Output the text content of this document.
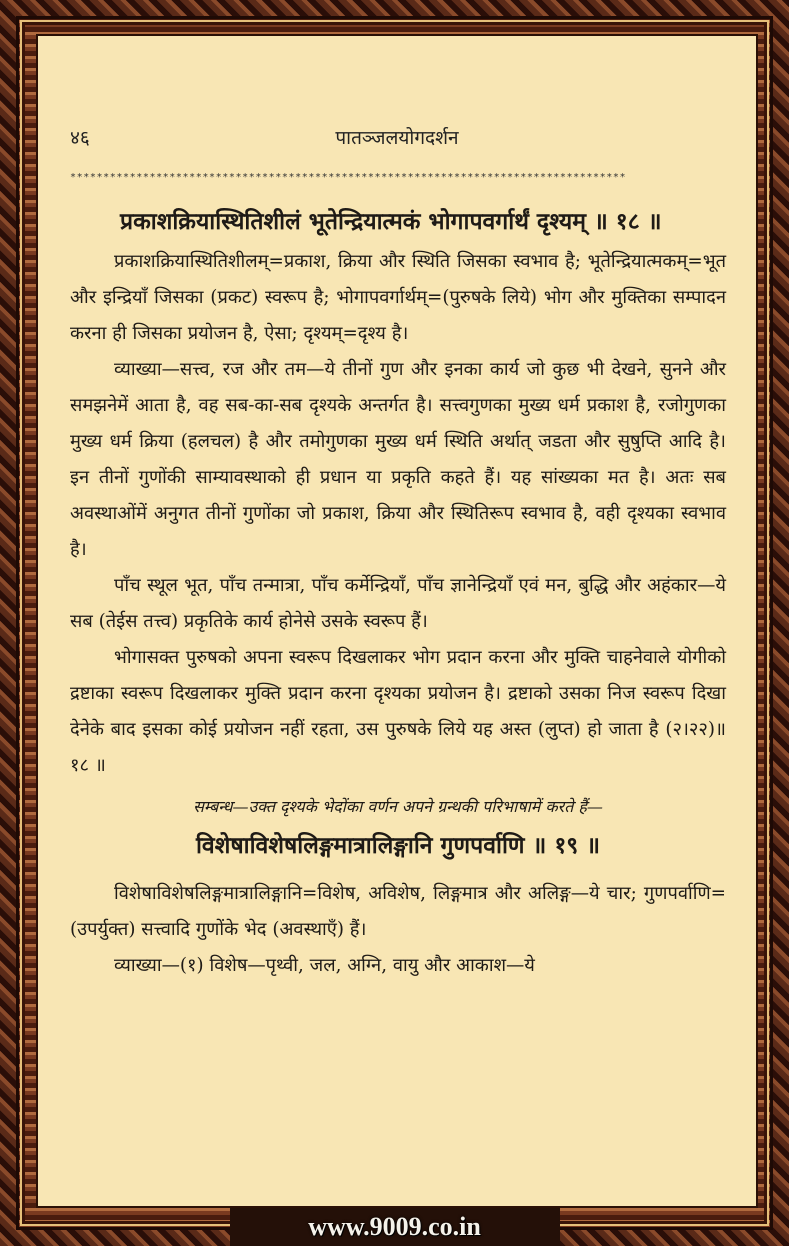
४६	पातञ्जलयोगदर्शन
************************************************************************************
प्रकाशक्रियास्थितिशीलं भूतेन्द्रियात्मकं भोगापवर्गार्थं दृश्यम् ॥ १८ ॥

प्रकाशक्रियास्थितिशीलम्=प्रकाश, क्रिया और स्थिति जिसका स्वभाव है; भूतेन्द्रियात्मकम्=भूत और इन्द्रियाँ जिसका (प्रकट) स्वरूप है; भोगापवर्गार्थम्=(पुरुषके लिये) भोग और मुक्तिका सम्पादन करना ही जिसका प्रयोजन है, ऐसा; दृश्यम्=दृश्य है।

व्याख्या—सत्त्व, रज और तम—ये तीनों गुण और इनका कार्य जो कुछ भी देखने, सुनने और समझनेमें आता है, वह सब-का-सब दृश्यके अन्तर्गत है। सत्त्वगुणका मुख्य धर्म प्रकाश है, रजोगुणका मुख्य धर्म क्रिया (हलचल) है और तमोगुणका मुख्य धर्म स्थिति अर्थात् जडता और सुषुप्ति आदि है। इन तीनों गुणोंकी साम्यावस्थाको ही प्रधान या प्रकृति कहते हैं। यह सांख्यका मत है। अतः सब अवस्थाओंमें अनुगत तीनों गुणोंका जो प्रकाश, क्रिया और स्थितिरूप स्वभाव है, वही दृश्यका स्वभाव है।

पाँच स्थूल भूत, पाँच तन्मात्रा, पाँच कर्मेन्द्रियाँ, पाँच ज्ञानेन्द्रियाँ एवं मन, बुद्धि और अहंकार—ये सब (तेईस तत्त्व) प्रकृतिके कार्य होनेसे उसके स्वरूप हैं।

भोगासक्त पुरुषको अपना स्वरूप दिखलाकर भोग प्रदान करना और मुक्ति चाहनेवाले योगीको द्रष्टाका स्वरूप दिखलाकर मुक्ति प्रदान करना दृश्यका प्रयोजन है। द्रष्टाको उसका निज स्वरूप दिखा देनेके बाद इसका कोई प्रयोजन नहीं रहता, उस पुरुषके लिये यह अस्त (लुप्त) हो जाता है (२।२२)॥ १८ ॥

सम्बन्ध—उक्त दृश्यके भेदोंका वर्णन अपने ग्रन्थकी परिभाषामें करते हैं—
विशेषाविशेषलिङ्गमात्रालिङ्गानि गुणपर्वाणि ॥ १९ ॥

विशेषाविशेषलिङ्गमात्रालिङ्गानि=विशेष, अविशेष, लिङ्गमात्र और अलिङ्ग—ये चार; गुणपर्वाणि=(उपर्युक्त) सत्त्वादि गुणोंके भेद (अवस्थाएँ) हैं।

व्याख्या—(१) विशेष—पृथ्वी, जल, अग्नि, वायु और आकाश—ये

www.9009.co.in
